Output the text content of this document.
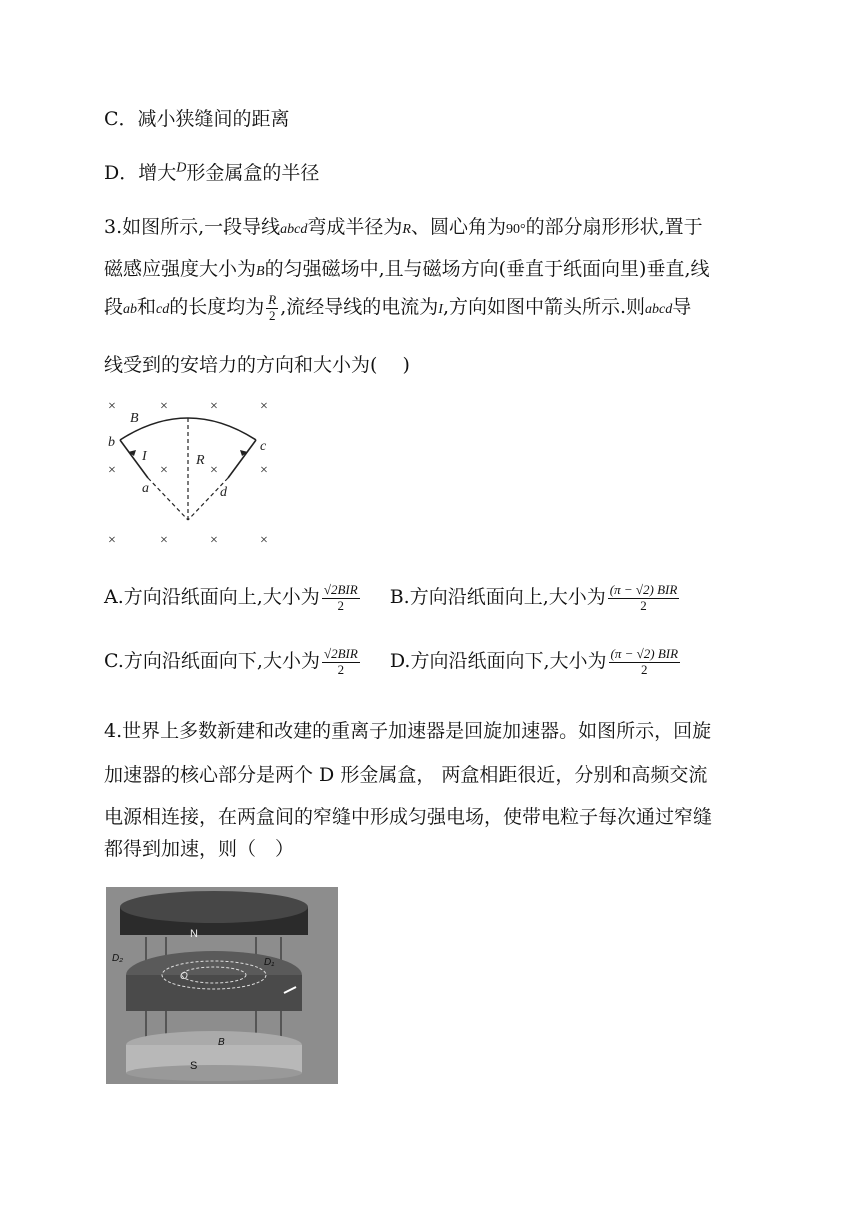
C．减小狭缝间的距离
D．增大$^D$形金属盒的半径
3.如图所示,一段导线abcd弯成半径为R、圆心角为90°的部分扇形形状,置于
磁感应强度大小为B的匀强磁场中,且与磁场方向(垂直于纸面向里)垂直,线
段ab和cd的长度均为 $\frac{R}{2}$ ,流经导线的电流为I,方向如图中箭头所示.则abcd导
线受到的安培力的方向和大小为(　 )
×	×	×	×
×	×	×	×
×	×	×	×
B
b	c
I	R
a	d
A.方向沿纸面向上,大小为 $\frac{\text{√2BIR}}{2} B$.方向沿纸面向上,大小为 $\frac{\text{(π − √2) BIR}}{2}$
C.方向沿纸面向下,大小为 $\frac{\text{√2BIR}}{2} D$.方向沿纸面向下,大小为 $\frac{\text{(π − √2) BIR}}{2}$
4.世界上多数新建和改建的重离子加速器是回旋加速器。如图所示，回旋
加速器的核心部分是两个 D 形金属盒， 两盒相距很近，分别和高频交流
电源相连接，在两盒间的窄缝中形成匀强电场，使带电粒子每次通过窄缝
都得到加速，则（　）
N
D₂	D₁
O
S
B
